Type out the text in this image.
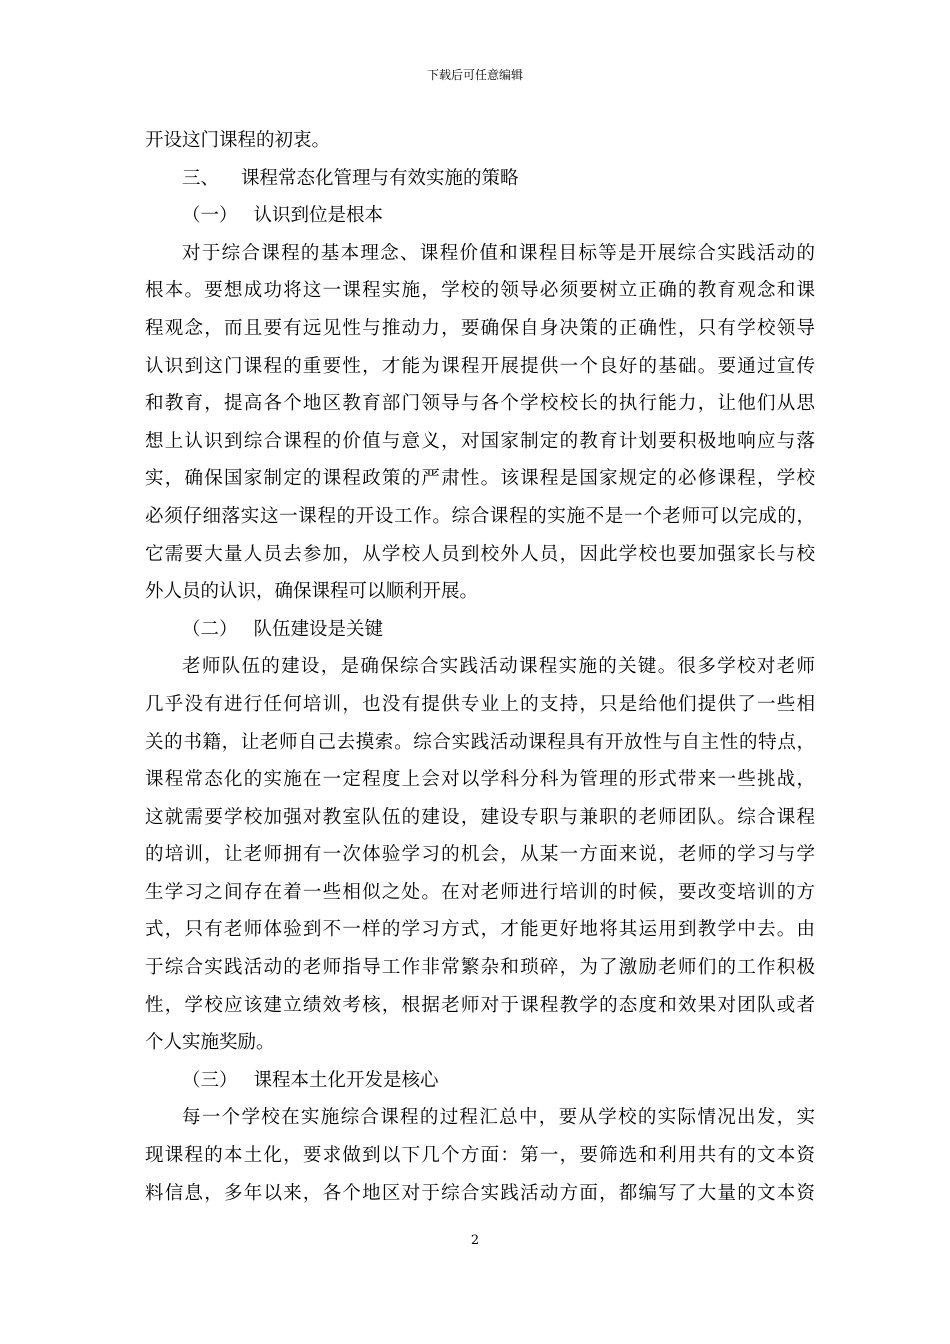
下载后可任意编辑
开设这门课程的初衷。
三、 课程常态化管理与有效实施的策略
（一） 认识到位是根本
对于综合课程的基本理念、课程价值和课程目标等是开展综合实践活动的
根本。要想成功将这一课程实施，学校的领导必须要树立正确的教育观念和课
程观念，而且要有远见性与推动力，要确保自身决策的正确性，只有学校领导
认识到这门课程的重要性，才能为课程开展提供一个良好的基础。要通过宣传
和教育，提高各个地区教育部门领导与各个学校校长的执行能力，让他们从思
想上认识到综合课程的价值与意义，对国家制定的教育计划要积极地响应与落
实，确保国家制定的课程政策的严肃性。该课程是国家规定的必修课程，学校
必须仔细落实这一课程的开设工作。综合课程的实施不是一个老师可以完成的，
它需要大量人员去参加，从学校人员到校外人员，因此学校也要加强家长与校
外人员的认识，确保课程可以顺利开展。
（二） 队伍建设是关键
老师队伍的建设，是确保综合实践活动课程实施的关键。很多学校对老师
几乎没有进行任何培训，也没有提供专业上的支持，只是给他们提供了一些相
关的书籍，让老师自己去摸索。综合实践活动课程具有开放性与自主性的特点，
课程常态化的实施在一定程度上会对以学科分科为管理的形式带来一些挑战，
这就需要学校加强对教室队伍的建设，建设专职与兼职的老师团队。综合课程
的培训，让老师拥有一次体验学习的机会，从某一方面来说，老师的学习与学
生学习之间存在着一些相似之处。在对老师进行培训的时候，要改变培训的方
式，只有老师体验到不一样的学习方式，才能更好地将其运用到教学中去。由
于综合实践活动的老师指导工作非常繁杂和琐碎，为了激励老师们的工作积极
性，学校应该建立绩效考核，根据老师对于课程教学的态度和效果对团队或者
个人实施奖励。
（三） 课程本土化开发是核心
每一个学校在实施综合课程的过程汇总中，要从学校的实际情况出发，实
现课程的本土化，要求做到以下几个方面：第一，要筛选和利用共有的文本资
料信息，多年以来，各个地区对于综合实践活动方面，都编写了大量的文本资
2
